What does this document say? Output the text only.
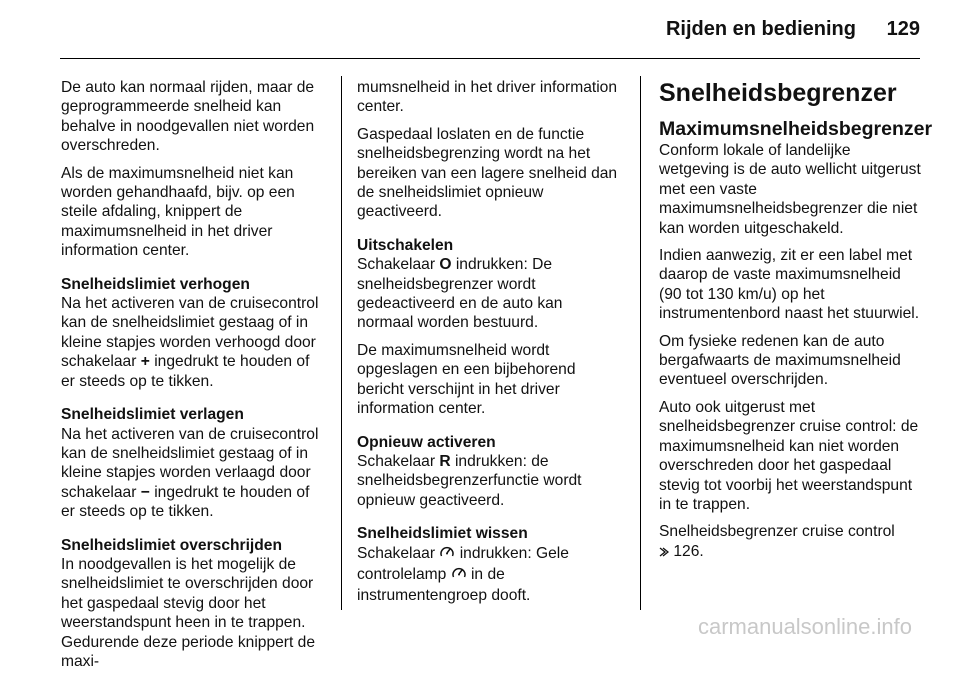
Rijden en bediening 129

De auto kan normaal rijden, maar de geprogrammeerde snelheid kan behalve in noodgevallen niet worden overschreden.

Als de maximumsnelheid niet kan worden gehandhaafd, bijv. op een steile afdaling, knippert de maximumsnelheid in het driver information center.

Snelheidslimiet verhogen
Na het activeren van de cruisecontrol kan de snelheidslimiet gestaag of in kleine stapjes worden verhoogd door schakelaar + ingedrukt te houden of er steeds op te tikken.

Snelheidslimiet verlagen
Na het activeren van de cruisecontrol kan de snelheidslimiet gestaag of in kleine stapjes worden verlaagd door schakelaar − ingedrukt te houden of er steeds op te tikken.

Snelheidslimiet overschrijden
In noodgevallen is het mogelijk de snelheidslimiet te overschrijden door het gaspedaal stevig door het weerstandspunt heen in te trappen. Gedurende deze periode knippert de maxi-

mumsnelheid in het driver information center.

Gaspedaal loslaten en de functie snelheidsbegrenzing wordt na het bereiken van een lagere snelheid dan de snelheidslimiet opnieuw geactiveerd.

Uitschakelen
Schakelaar O indrukken: De snelheidsbegrenzer wordt gedeactiveerd en de auto kan normaal worden bestuurd.

De maximumsnelheid wordt opgeslagen en een bijbehorend bericht verschijnt in het driver information center.

Opnieuw activeren
Schakelaar R indrukken: de snelheidsbegrenzerfunctie wordt opnieuw geactiveerd.

Snelheidslimiet wissen
Schakelaar indrukken: Gele controlelamp in de instrumentengroep dooft.

Snelheidsbegrenzer
Maximumsnelheidsbegrenzer

Conform lokale of landelijke wetgeving is de auto wellicht uitgerust met een vaste maximumsnelheidsbegrenzer die niet kan worden uitgeschakeld.

Indien aanwezig, zit er een label met daarop de vaste maximumsnelheid (90 tot 130 km/u) op het instrumentenbord naast het stuurwiel.

Om fysieke redenen kan de auto bergafwaarts de maximumsnelheid eventueel overschrijden.

Auto ook uitgerust met snelheidsbegrenzer cruise control: de maximumsnelheid kan niet worden overschreden door het gaspedaal stevig tot voorbij het weerstandspunt in te trappen.

Snelheidsbegrenzer cruise control
126.

carmanualsonline.info
